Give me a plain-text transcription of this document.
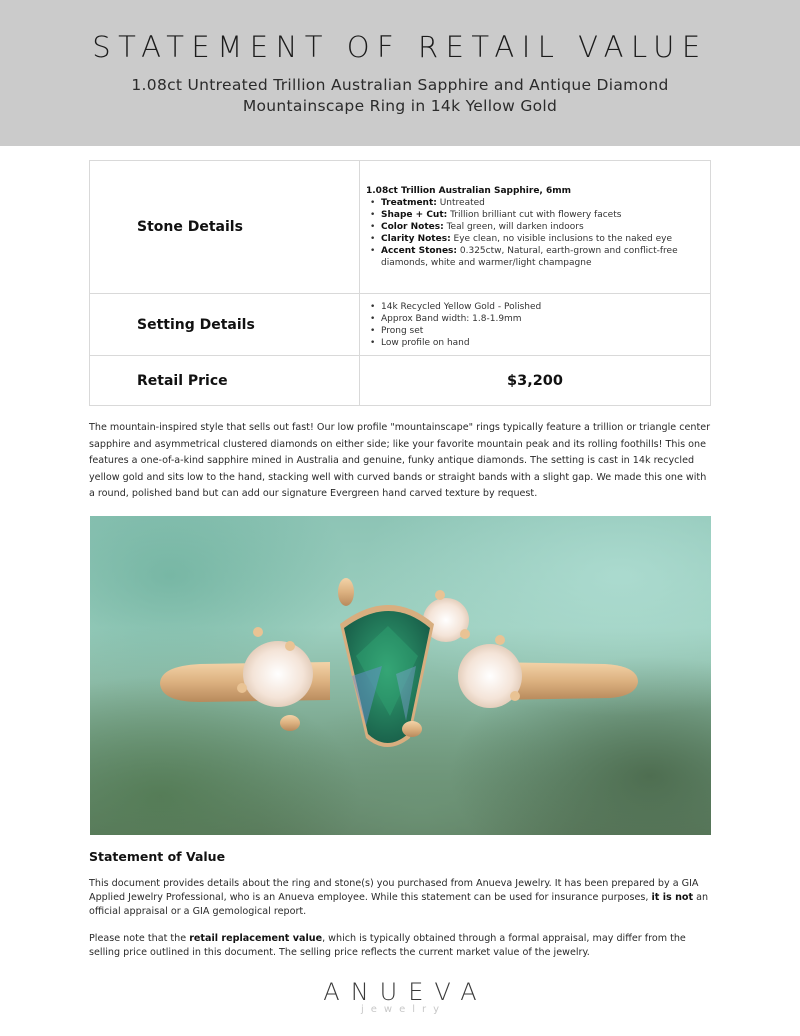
STATEMENT OF RETAIL VALUE
1.08ct Untreated Trillion Australian Sapphire and Antique Diamond Mountainscape Ring in 14k Yellow Gold
Stone Details	
1.08ct Trillion Australian Sapphire, 6mm
• Treatment: Untreated
• Shape + Cut: Trillion brilliant cut with flowery facets
• Color Notes: Teal green, will darken indoors
• Clarity Notes: Eye clean, no visible inclusions to the naked eye
• Accent Stones: 0.325ctw, Natural, earth-grown and conflict-free diamonds, white and warmer/light champagne

Setting Details	
• 14k Recycled Yellow Gold - Polished
• Approx Band width: 1.8-1.9mm
• Prong set
• Low profile on hand

Retail Price	$3,200

The mountain-inspired style that sells out fast! Our low profile "mountainscape" rings typically feature a trillion or triangle center sapphire and asymmetrical clustered diamonds on either side; like your favorite mountain peak and its rolling foothills! This one features a one-of-a-kind sapphire mined in Australia and genuine, funky antique diamonds. The setting is cast in 14k recycled yellow gold and sits low to the hand, stacking well with curved bands or straight bands with a slight gap. We made this one with a round, polished band but can add our signature Evergreen hand carved texture by request.

Statement of Value

This document provides details about the ring and stone(s) you purchased from Anueva Jewelry. It has been prepared by a GIA Applied Jewelry Professional, who is an Anueva employee. While this statement can be used for insurance purposes, it is not an official appraisal or a GIA gemological report.

Please note that the retail replacement value, which is typically obtained through a formal appraisal, may differ from the selling price outlined in this document. The selling price reflects the current market value of the jewelry.

ANUEVA
jewelry
